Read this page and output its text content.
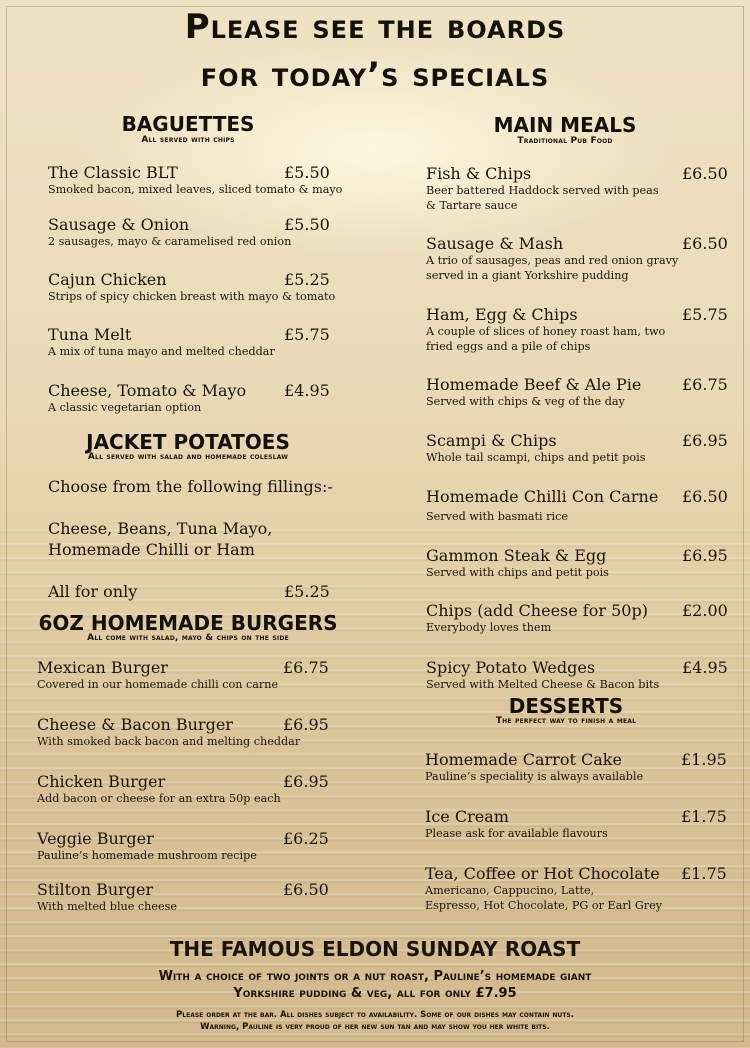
Please see the boards
for today’s specials
BAGUETTES
All served with chips
The Classic BLT	£5.50
Smoked bacon, mixed leaves, sliced tomato & mayo
Sausage & Onion	£5.50
2 sausages, mayo & caramelised red onion
Cajun Chicken	£5.25
Strips of spicy chicken breast with mayo & tomato
Tuna Melt	£5.75
A mix of tuna mayo and melted cheddar
Cheese, Tomato & Mayo	£4.95
A classic vegetarian option
JACKET POTATOES
All served with salad and homemade coleslaw
Choose from the following fillings:-
Cheese, Beans, Tuna Mayo,
Homemade Chilli or Ham
All for only	£5.25
6OZ HOMEMADE BURGERS
All come with salad, mayo & chips on the side
Mexican Burger	£6.75
Covered in our homemade chilli con carne
Cheese & Bacon Burger	£6.95
With smoked back bacon and melting cheddar
Chicken Burger	£6.95
Add bacon or cheese for an extra 50p each
Veggie Burger	£6.25
Pauline’s homemade mushroom recipe
Stilton Burger	£6.50
With melted blue cheese
MAIN MEALS
Traditional Pub Food
Fish & Chips	£6.50
Beer battered Haddock served with peas
& Tartare sauce
Sausage & Mash	£6.50
A trio of sausages, peas and red onion gravy
served in a giant Yorkshire pudding
Ham, Egg & Chips	£5.75
A couple of slices of honey roast ham, two
fried eggs and a pile of chips
Homemade Beef & Ale Pie	£6.75
Served with chips & veg of the day
Scampi & Chips	£6.95
Whole tail scampi, chips and petit pois
Homemade Chilli Con Carne	£6.50
Served with basmati rice
Gammon Steak & Egg	£6.95
Served with chips and petit pois
Chips (add Cheese for 50p)	£2.00
Everybody loves them
Spicy Potato Wedges	£4.95
Served with Melted Cheese & Bacon bits
DESSERTS
The perfect way to finish a meal
Homemade Carrot Cake	£1.95
Pauline’s speciality is always available
Ice Cream	£1.75
Please ask for available flavours
Tea, Coffee or Hot Chocolate	£1.75
Americano, Cappucino, Latte,
Espresso, Hot Chocolate, PG or Earl Grey
THE FAMOUS ELDON SUNDAY ROAST
With a choice of two joints or a nut roast, Pauline’s homemade giant
Yorkshire pudding & veg, all for only £7.95
Please order at the bar. All dishes subject to availability. Some of our dishes may contain nuts.
Warning, Pauline is very proud of her new sun tan and may show you her white bits.
